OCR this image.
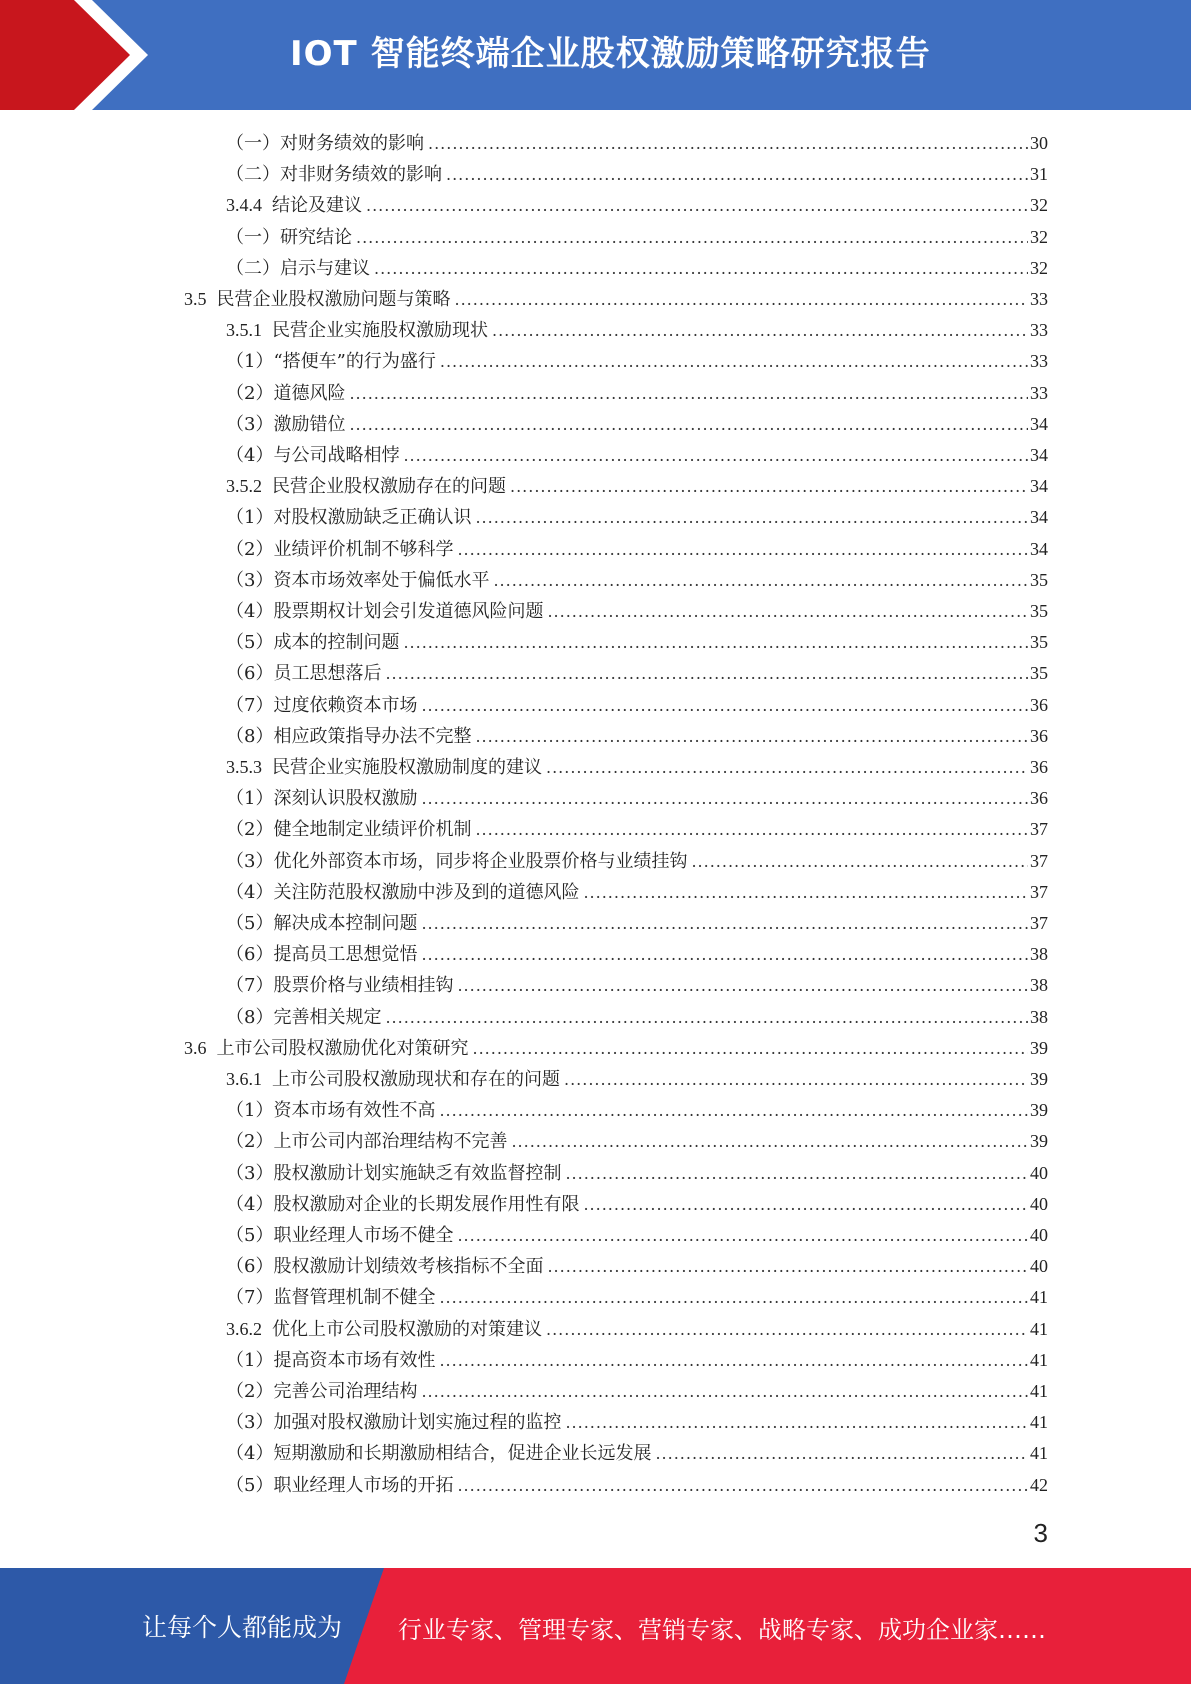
IOT 智能终端企业股权激励策略研究报告
（一）对财务绩效的影响 .....	30
（二）对非财务绩效的影响 .....	31
3.4.4 结论及建议 .....	32
（一）研究结论 .....	32
（二）启示与建议 .....	32
3.5 民营企业股权激励问题与策略 .....	33
3.5.1 民营企业实施股权激励现状 .....	33
（1）“搭便车”的行为盛行 .....	33
（2）道德风险 .....	33
（3）激励错位 .....	34
（4）与公司战略相悖 .....	34
3.5.2 民营企业股权激励存在的问题 .....	34
（1）对股权激励缺乏正确认识 .....	34
（2）业绩评价机制不够科学 .....	34
（3）资本市场效率处于偏低水平 .....	35
（4）股票期权计划会引发道德风险问题 .....	35
（5）成本的控制问题 .....	35
（6）员工思想落后 .....	35
（7）过度依赖资本市场 .....	36
（8）相应政策指导办法不完整 .....	36
3.5.3 民营企业实施股权激励制度的建议 .....	36
（1）深刻认识股权激励 .....	36
（2）健全地制定业绩评价机制 .....	37
（3）优化外部资本市场，同步将企业股票价格与业绩挂钩 .....	37
（4）关注防范股权激励中涉及到的道德风险 .....	37
（5）解决成本控制问题 .....	37
（6）提高员工思想觉悟 .....	38
（7）股票价格与业绩相挂钩 .....	38
（8）完善相关规定 .....	38
3.6 上市公司股权激励优化对策研究 .....	39
3.6.1 上市公司股权激励现状和存在的问题 .....	39
（1）资本市场有效性不高 .....	39
（2）上市公司内部治理结构不完善 .....	39
（3）股权激励计划实施缺乏有效监督控制 .....	40
（4）股权激励对企业的长期发展作用性有限 .....	40
（5）职业经理人市场不健全 .....	40
（6）股权激励计划绩效考核指标不全面 .....	40
（7）监督管理机制不健全 .....	41
3.6.2 优化上市公司股权激励的对策建议 .....	41
（1）提高资本市场有效性 .....	41
（2）完善公司治理结构 .....	41
（3）加强对股权激励计划实施过程的监控 .....	41
（4）短期激励和长期激励相结合，促进企业长远发展 .....	41
（5）职业经理人市场的开拓 .....	42
3
让每个人都能成为 行业专家、管理专家、营销专家、战略专家、成功企业家……
